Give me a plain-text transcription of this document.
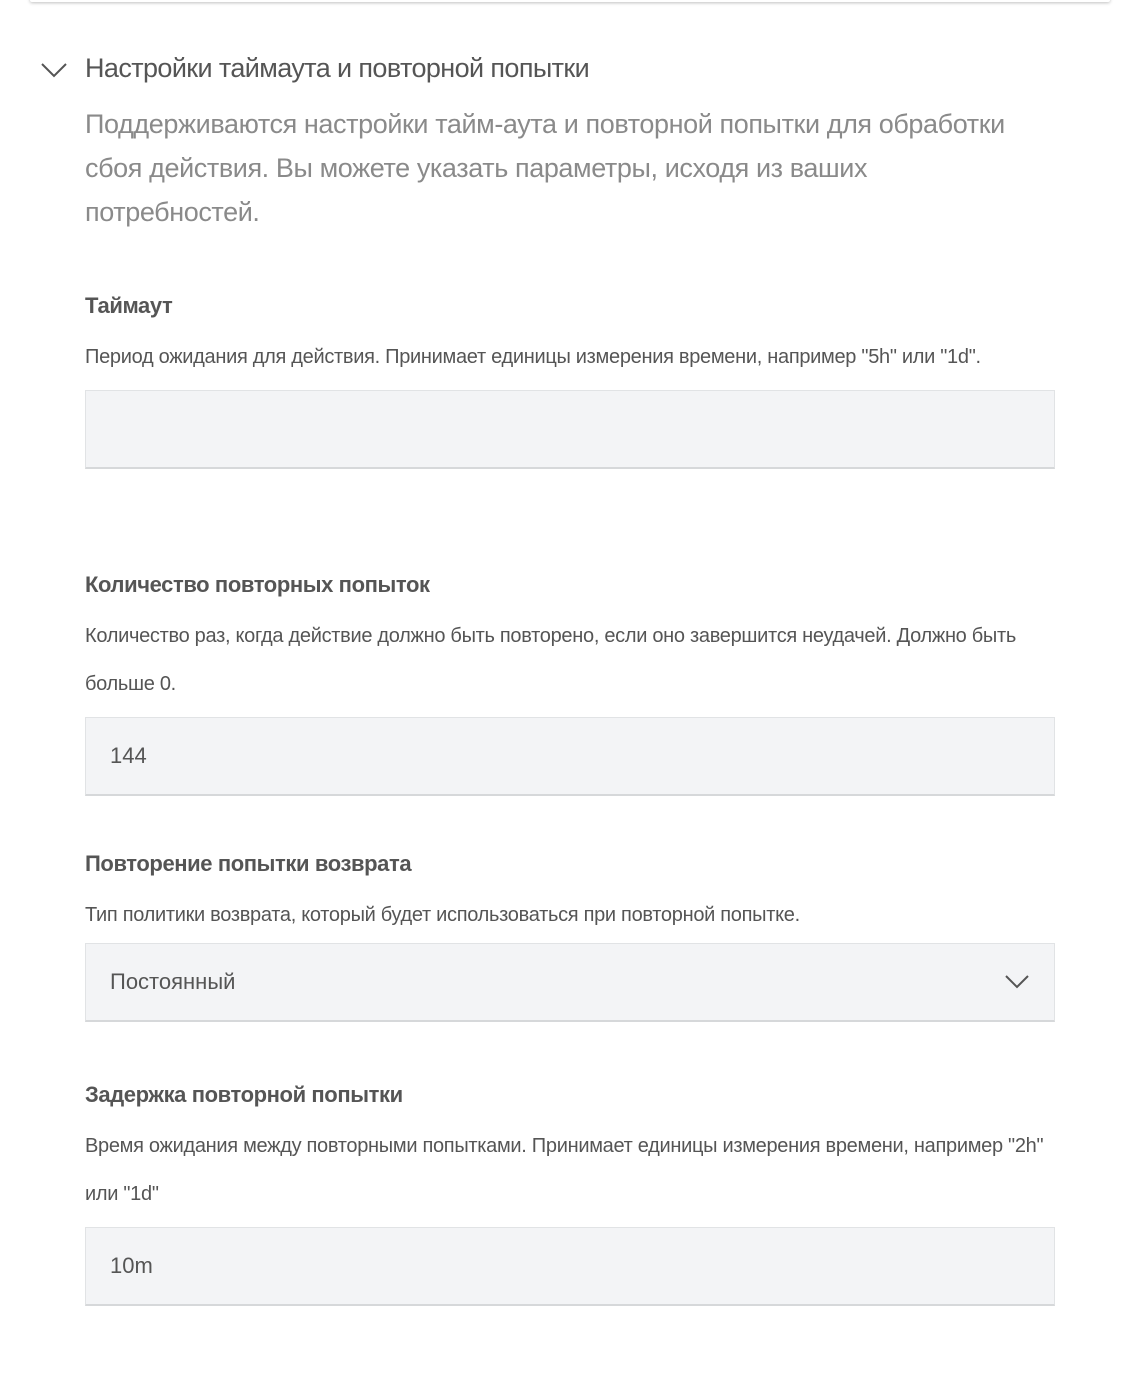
Настройки таймаута и повторной попытки
Поддерживаются настройки тайм-аута и повторной попытки для обработки сбоя действия. Вы можете указать параметры, исходя из ваших потребностей.
Таймаут
Период ожидания для действия. Принимает единицы измерения времени, например "5h" или "1d".
Количество повторных попыток
Количество раз, когда действие должно быть повторено, если оно завершится неудачей. Должно быть больше 0.
144
Повторение попытки возврата
Тип политики возврата, который будет использоваться при повторной попытке.
Постоянный
Задержка повторной попытки
Время ожидания между повторными попытками. Принимает единицы измерения времени, например "2h" или "1d"
10m
